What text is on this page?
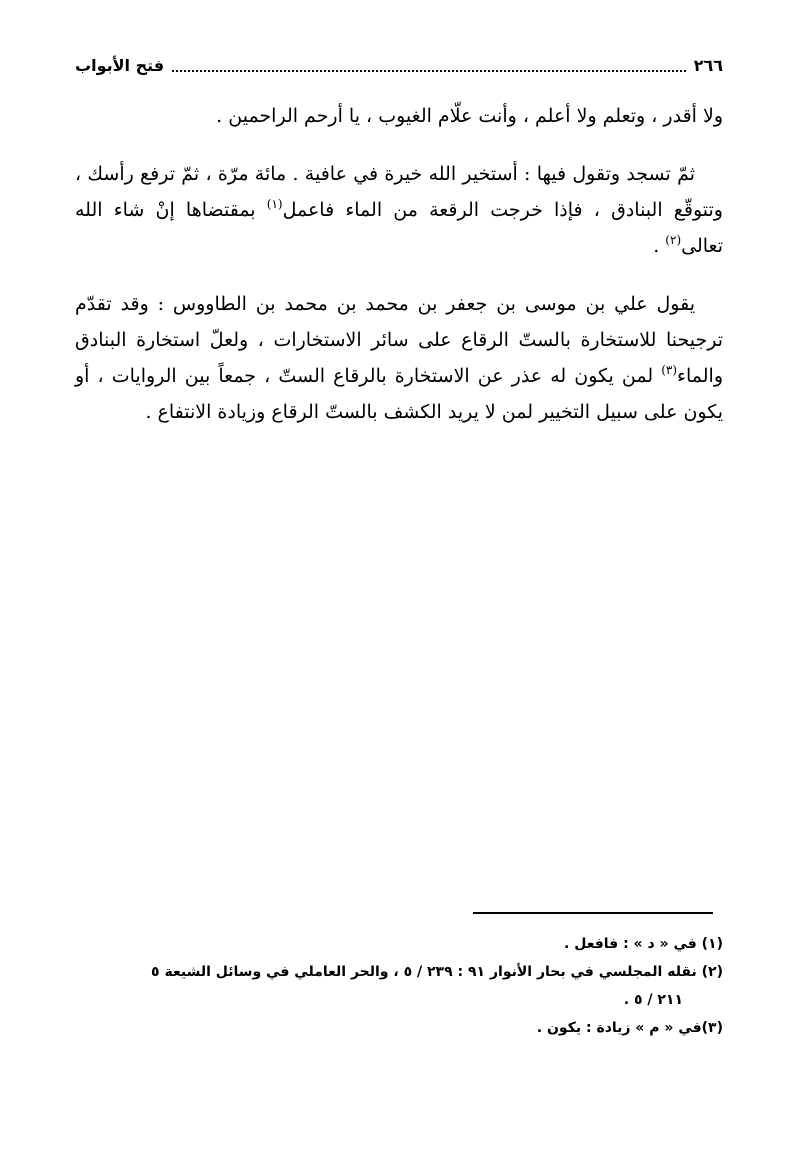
٢٦٦
فتح الأبواب

ولا أقدر ، وتعلم ولا أعلم ، وأنت علّام الغيوب ، يا أرحم الراحمين .

ثمّ تسجد وتقول فيها : أستخير الله خيرة في عافية . مائة مرّة ، ثمّ ترفع رأسك ، وتتوقّع البنادق ، فإذا خرجت الرقعة من الماء فاعمل$^{(١)}$ بمقتضاها إنْ شاء الله تعالى$^{(٢)}$ .

يقول علي بن موسى بن جعفر بن محمد بن محمد بن الطاووس : وقد تقدّم ترجيحنا للاستخارة بالستّ الرقاع على سائر الاستخارات ، ولعلّ استخارة البنادق والماء$^{(٣)}$ لمن يكون له عذر عن الاستخارة بالرقاع الستّ ، جمعاً بين الروايات ، أو يكون على سبيل التخيير لمن لا يريد الكشف بالستّ الرقاع وزيادة الانتفاع .

(١) في « د » : فافعل .

(٢) نقله المجلسي في بحار الأنوار ٩١ : ٢٣٩ / ٥ ، والحر العاملي في وسائل الشيعة ٥

٢١١ / ٥ .

(٣)في « م » زيادة : يكون .
